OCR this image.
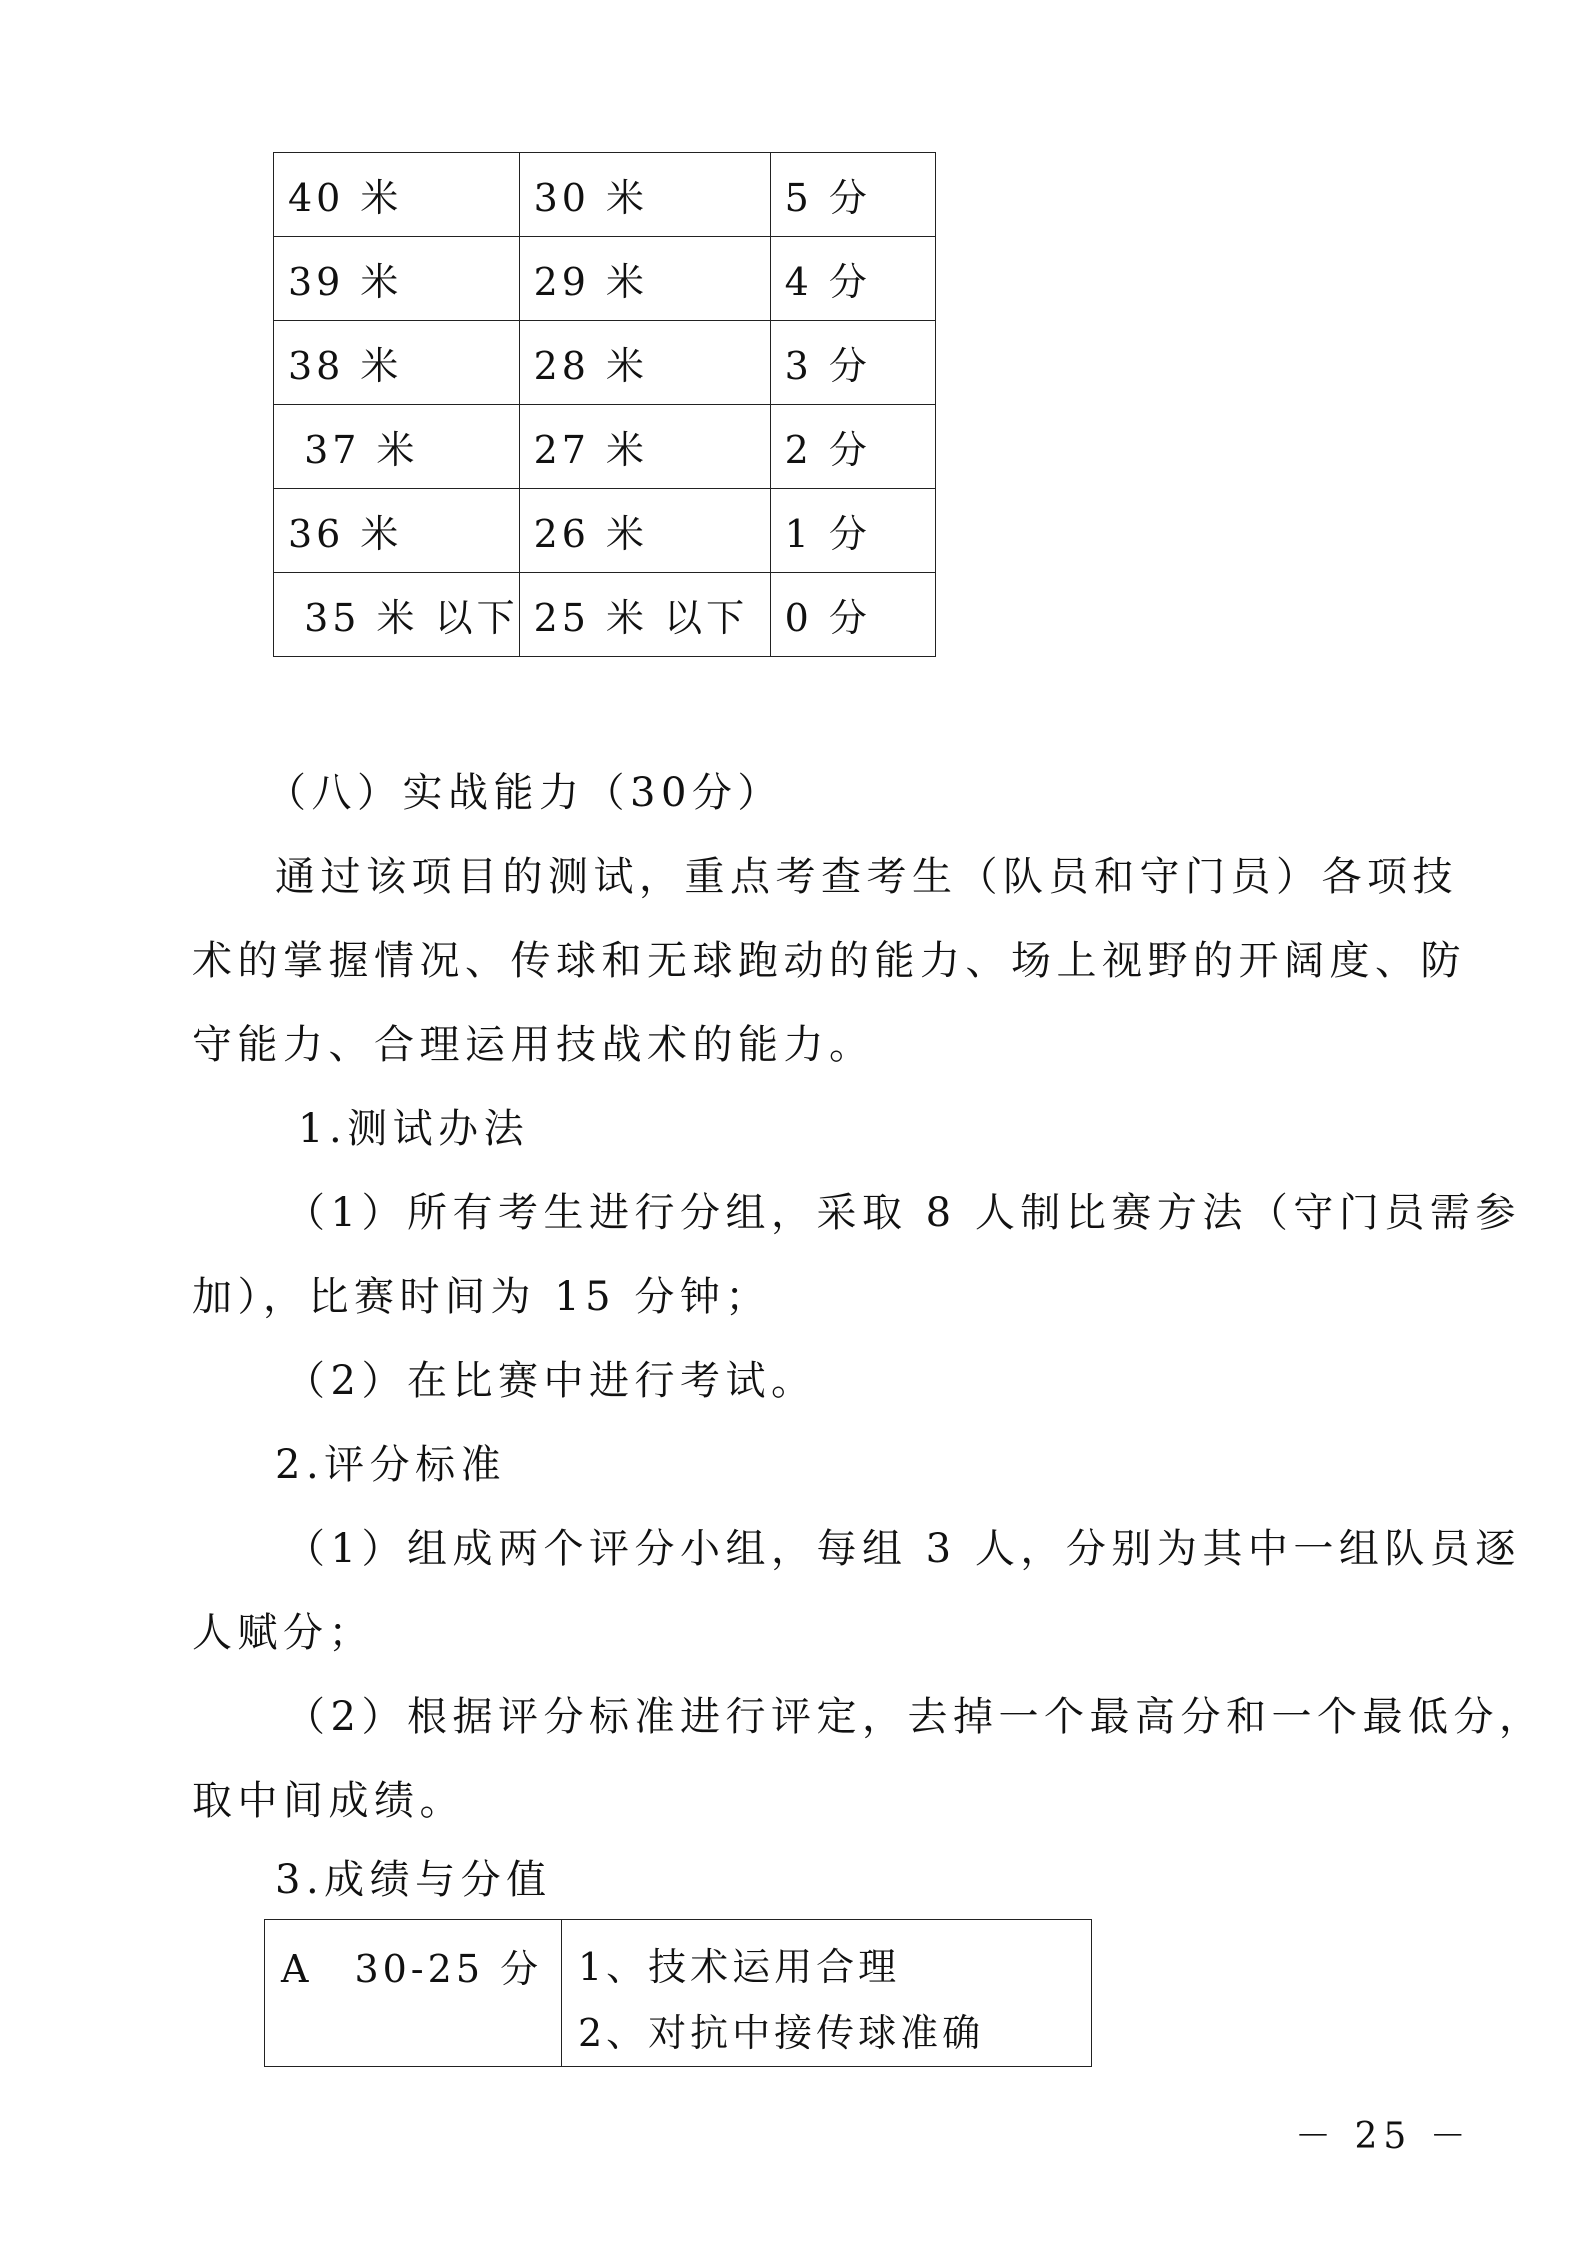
40 米	30 米	5 分
39 米	29 米	4 分
38 米	28 米	3 分
37 米	27 米	2 分
36 米	26 米	1 分
35 米 以下	25 米 以下	0 分
（八）实战能力（30分）
通过该项目的测试，重点考查考生（队员和守门员）各项技
术的掌握情况、传球和无球跑动的能力、场上视野的开阔度、防
守能力、合理运用技战术的能力。
1.测试办法
（1）所有考生进行分组，采取 8 人制比赛方法（守门员需参
加），比赛时间为 15 分钟；
（2）在比赛中进行考试。
2.评分标准
（1）组成两个评分小组，每组 3 人，分别为其中一组队员逐
人赋分；
（2）根据评分标准进行评定，去掉一个最高分和一个最低分，
取中间成绩。
3.成绩与分值
A　30-25 分	1、技术运用合理
2、对抗中接传球准确
－ 25 －
